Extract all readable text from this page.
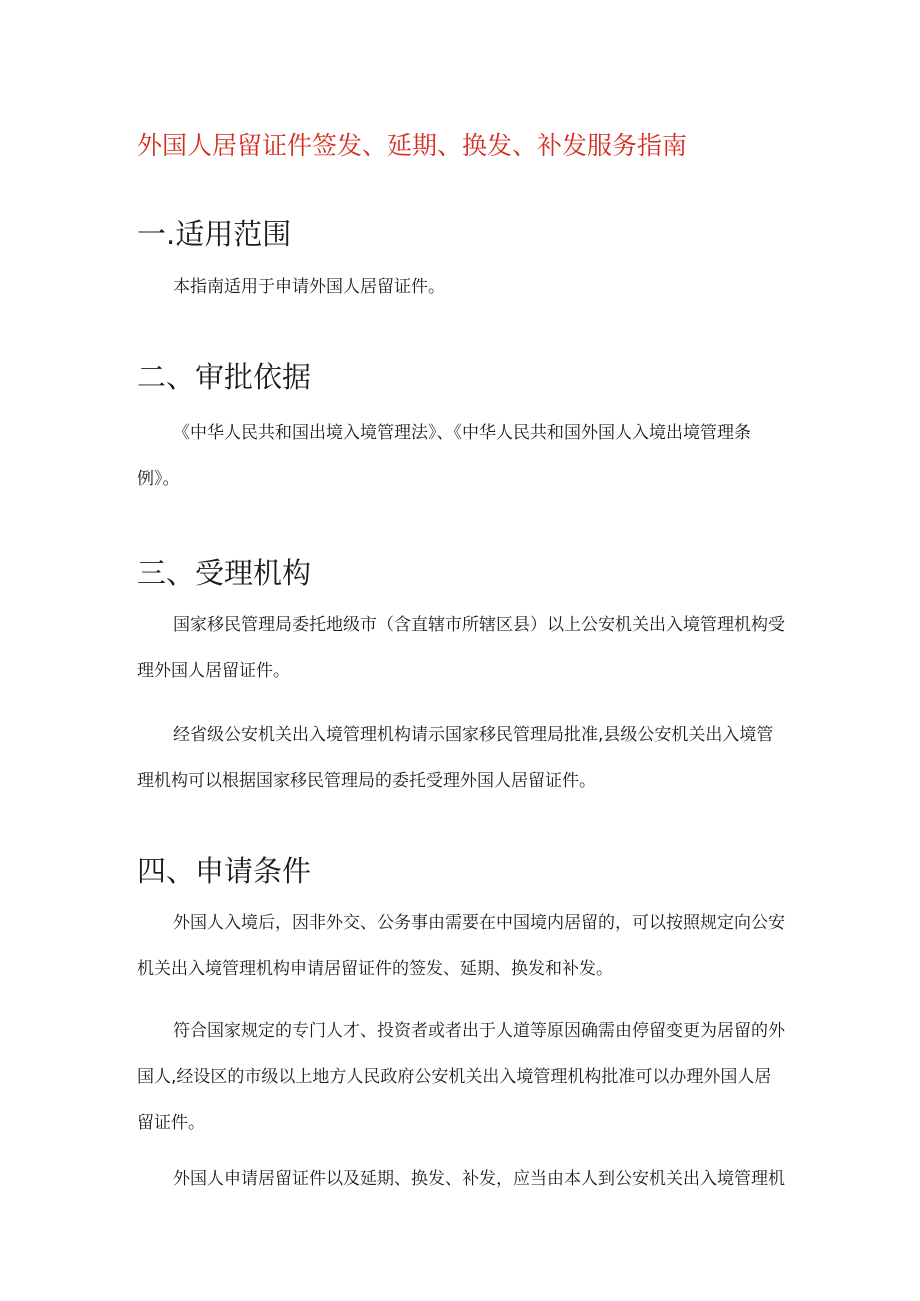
外国人居留证件签发、延期、换发、补发服务指南
一.适用范围

本指南适用于申请外国人居留证件。

二、审批依据

《中华人民共和国出境入境管理法》、《中华人民共和国外国人入境出境管理条例》。

三、受理机构

国家移民管理局委托地级市（含直辖市所辖区县）以上公安机关出入境管理机构受理外国人居留证件。

经省级公安机关出入境管理机构请示国家移民管理局批准,县级公安机关出入境管理机构可以根据国家移民管理局的委托受理外国人居留证件。

四、申请条件

外国人入境后，因非外交、公务事由需要在中国境内居留的，可以按照规定向公安机关出入境管理机构申请居留证件的签发、延期、换发和补发。

符合国家规定的专门人才、投资者或者出于人道等原因确需由停留变更为居留的外国人,经设区的市级以上地方人民政府公安机关出入境管理机构批准可以办理外国人居留证件。

外国人申请居留证件以及延期、换发、补发，应当由本人到公安机关出入境管理机
